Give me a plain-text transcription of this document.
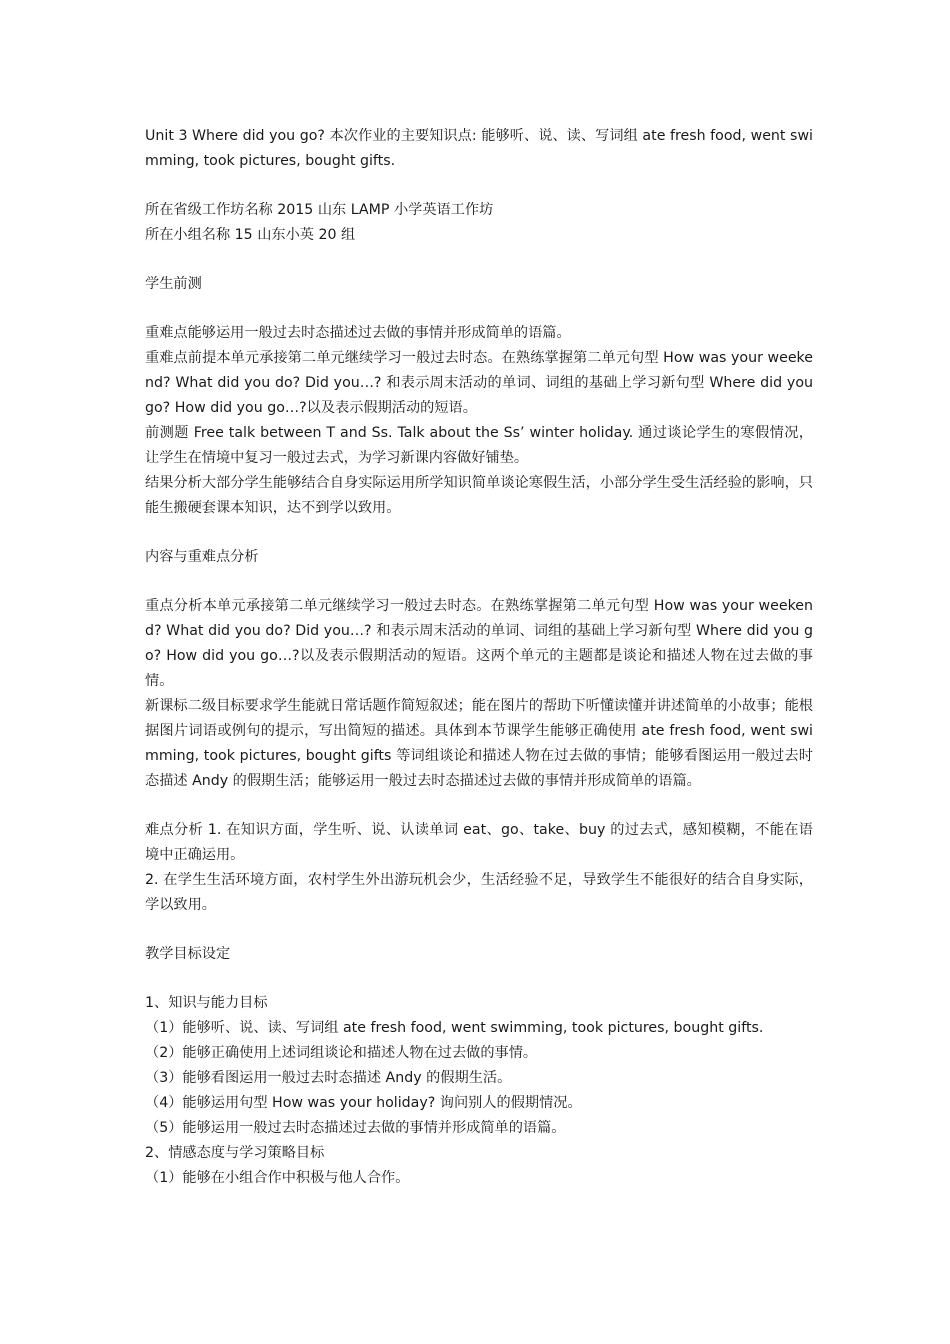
Unit 3 Where did you go? 本次作业的主要知识点: 能够听、说、读、写词组 ate fresh food, went swimming, took pictures, bought gifts.

所在省级工作坊名称 2015 山东 LAMP 小学英语工作坊

所在小组名称 15 山东小英 20 组

学生前测

重难点能够运用一般过去时态描述过去做的事情并形成简单的语篇。

重难点前提本单元承接第二单元继续学习一般过去时态。在熟练掌握第二单元句型 How was your weekend? What did you do? Did you…? 和表示周末活动的单词、词组的基础上学习新句型 Where did you go? How did you go…?以及表示假期活动的短语。

前测题 Free talk between T and Ss. Talk about the Ss’ winter holiday. 通过谈论学生的寒假情况，让学生在情境中复习一般过去式，为学习新课内容做好铺垫。

结果分析大部分学生能够结合自身实际运用所学知识简单谈论寒假生活，小部分学生受生活经验的影响，只能生搬硬套课本知识，达不到学以致用。

内容与重难点分析

重点分析本单元承接第二单元继续学习一般过去时态。在熟练掌握第二单元句型 How was your weekend? What did you do? Did you…? 和表示周末活动的单词、词组的基础上学习新句型 Where did you go? How did you go…?以及表示假期活动的短语。这两个单元的主题都是谈论和描述人物在过去做的事情。

新课标二级目标要求学生能就日常话题作简短叙述；能在图片的帮助下听懂读懂并讲述简单的小故事；能根据图片词语或例句的提示，写出简短的描述。具体到本节课学生能够正确使用 ate fresh food, went swimming, took pictures, bought gifts 等词组谈论和描述人物在过去做的事情；能够看图运用一般过去时态描述 Andy 的假期生活；能够运用一般过去时态描述过去做的事情并形成简单的语篇。

难点分析 1. 在知识方面，学生听、说、认读单词 eat、go、take、buy 的过去式，感知模糊，不能在语境中正确运用。

2. 在学生生活环境方面，农村学生外出游玩机会少，生活经验不足，导致学生不能很好的结合自身实际，学以致用。

教学目标设定

1、知识与能力目标

（1）能够听、说、读、写词组 ate fresh food, went swimming, took pictures, bought gifts.

（2）能够正确使用上述词组谈论和描述人物在过去做的事情。

（3）能够看图运用一般过去时态描述 Andy 的假期生活。

（4）能够运用句型 How was your holiday? 询问别人的假期情况。

（5）能够运用一般过去时态描述过去做的事情并形成简单的语篇。

2、情感态度与学习策略目标

（1）能够在小组合作中积极与他人合作。
